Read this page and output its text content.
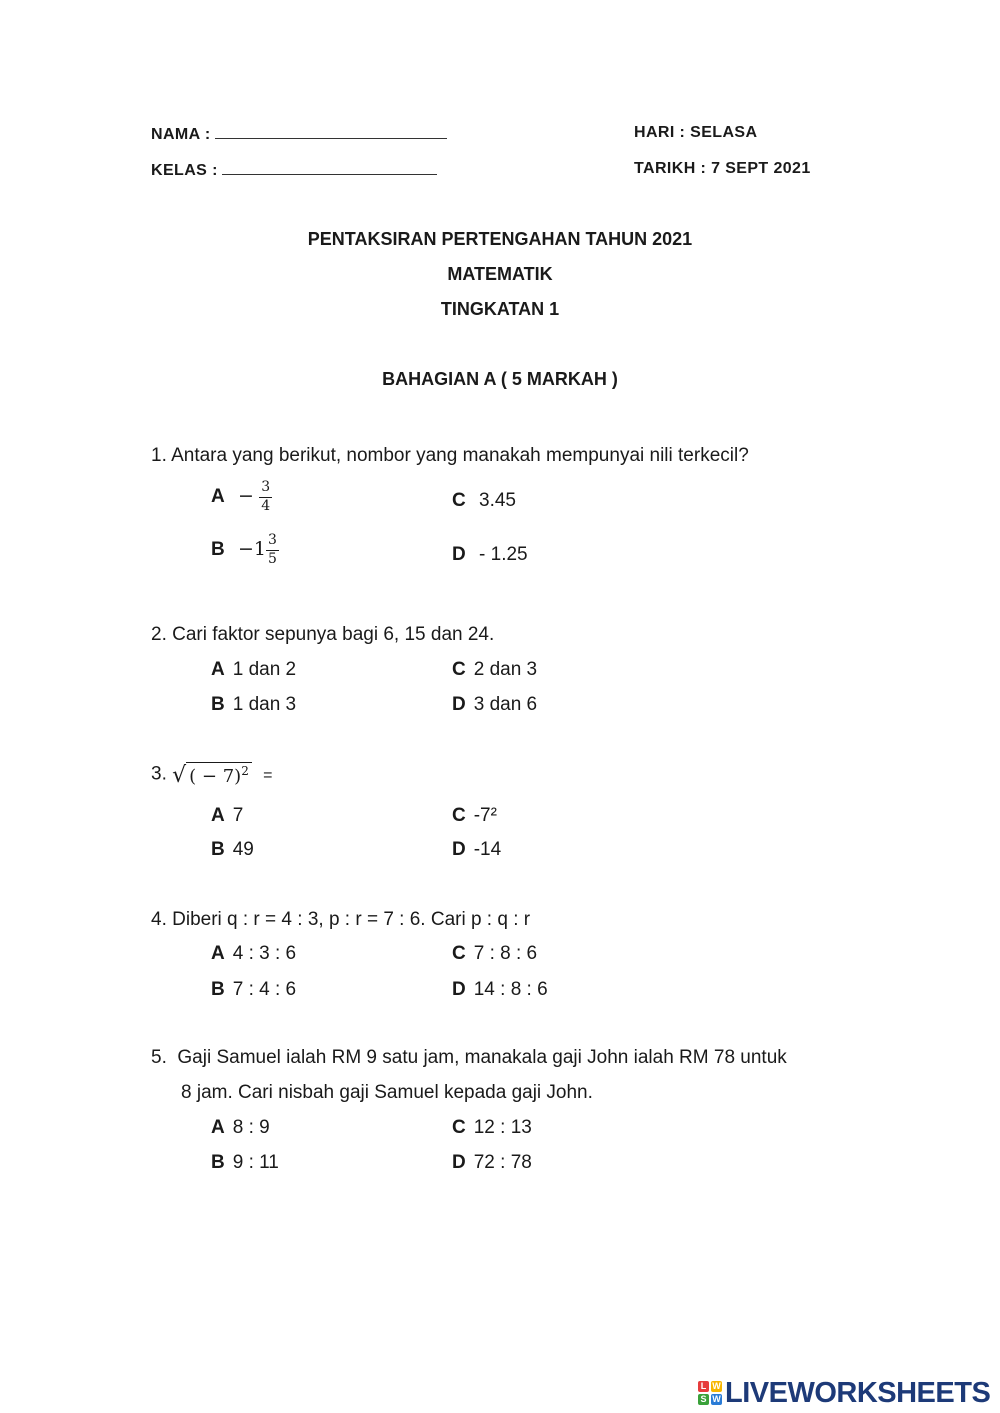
NAMA :
KELAS :
HARI : SELASA
TARIKH : 7 SEPT 2021
PENTAKSIRAN PERTENGAHAN TAHUN 2021
MATEMATIK
TINGKATAN 1
BAHAGIAN A ( 5 MARKAH )
1. Antara yang berikut, nombor yang manakah mempunyai nili terkecil?
$A - \frac{3}{4}$	C 3.45
$B -1 \frac{3}{5}$	D - 1.25
2. Cari faktor sepunya bagi 6, 15 dan 24.
A 1 dan 2	C 2 dan 3
B 1 dan 3	D 3 dan 6
3. √ ( − 7)$^2$ =
A 7	C -7²
B 49	D -14
4. Diberi q : r = 4 : 3, p : r = 7 : 6. Cari p : q : r
A 4 : 3 : 6	C 7 : 8 : 6
B 7 : 4 : 6	D 14 : 8 : 6
5.  Gaji Samuel ialah RM 9 satu jam, manakala gaji John ialah RM 78 untuk
8 jam. Cari nisbah gaji Samuel kepada gaji John.
A 8 : 9	C 12 : 13
B 9 : 11	D 72 : 78
L W
S W LIVEWORKSHEETS
